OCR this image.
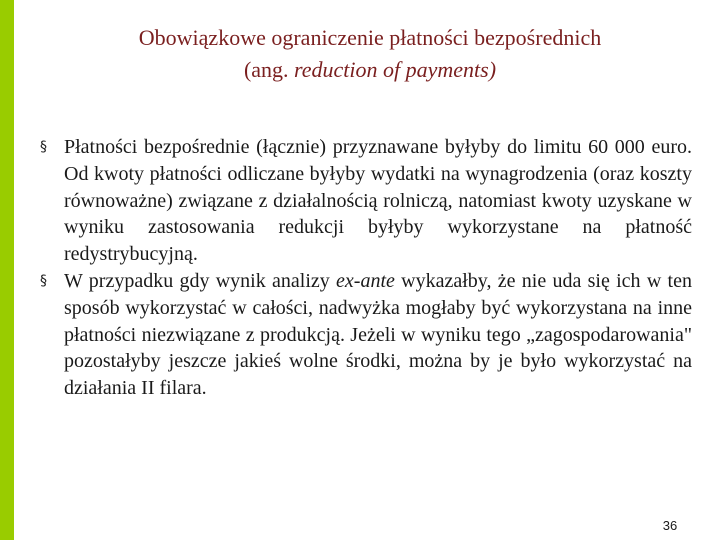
Obowiązkowe ograniczenie płatności bezpośrednich
(ang. reduction of payments)
§ Płatności bezpośrednie (łącznie) przyznawane byłyby do limitu 60 000 euro. Od kwoty płatności odliczane byłyby wydatki na wynagrodzenia (oraz koszty równoważne) związane z działalnością rolniczą, natomiast kwoty uzyskane w wyniku zastosowania redukcji byłyby wykorzystane na płatność redystrybucyjną.
§ W przypadku gdy wynik analizy ex-ante wykazałby, że nie uda się ich w ten sposób wykorzystać w całości, nadwyżka mogłaby być wykorzystana na inne płatności niezwiązane z produkcją. Jeżeli w wyniku tego „zagospodarowania" pozostałyby jeszcze jakieś wolne środki, można by je było wykorzystać na działania II filara.
36
